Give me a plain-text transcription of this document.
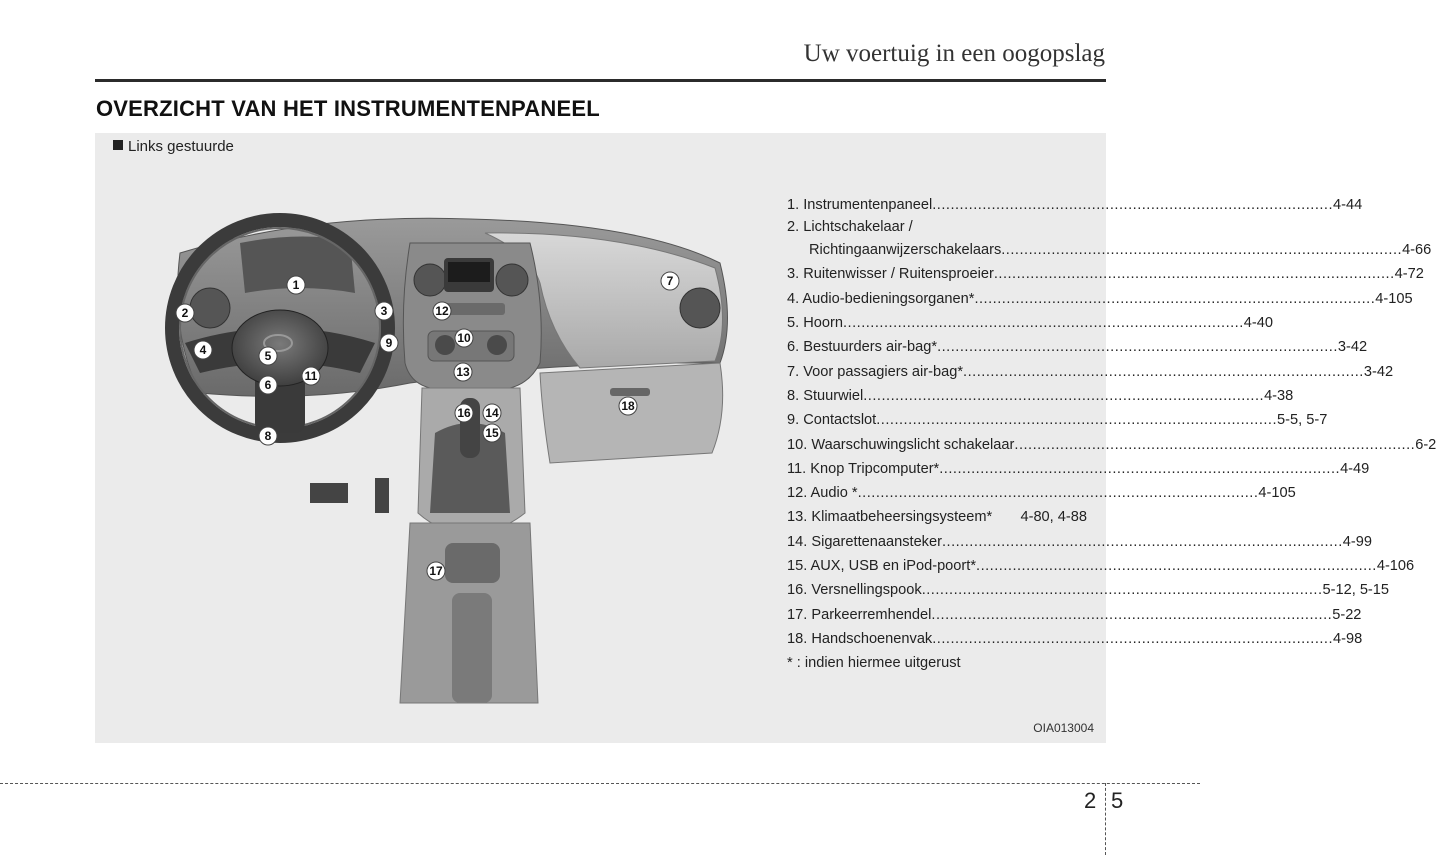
Uw voertuig in een oogopslag
OVERZICHT VAN HET INSTRUMENTENPANEEL
Links gestuurde
1
2	3
4	5
6
7
8
9	10
11
12
13
14
15
16
17
18
1. Instrumentenpaneel ........................................................................................ 4-44
2. Lichtschakelaar /
Richtingaanwijzerschakelaars ........................................................................................ 4-66
3. Ruitenwisser / Ruitensproeier ........................................................................................ 4-72
4. Audio-bedieningsorganen* ........................................................................................ 4-105
5. Hoorn ........................................................................................ 4-40
6. Bestuurders air-bag* ........................................................................................ 3-42
7. Voor passagiers air-bag* ........................................................................................ 3-42
8. Stuurwiel ........................................................................................ 4-38
9. Contactslot ........................................................................................ 5-5, 5-7
10. Waarschuwingslicht schakelaar ........................................................................................ 6-2
11. Knop Tripcomputer* ........................................................................................ 4-49
12. Audio * ........................................................................................ 4-105
13. Klimaatbeheersingsysteem* 4-80, 4-88
14. Sigarettenaansteker ........................................................................................ 4-99
15. AUX, USB en iPod-poort* ........................................................................................ 4-106
16. Versnellingspook ........................................................................................ 5-12, 5-15
17. Parkeerremhendel ........................................................................................ 5-22
18. Handschoenenvak ........................................................................................ 4-98
* : indien hiermee uitgerust
OIA013004
2 5
